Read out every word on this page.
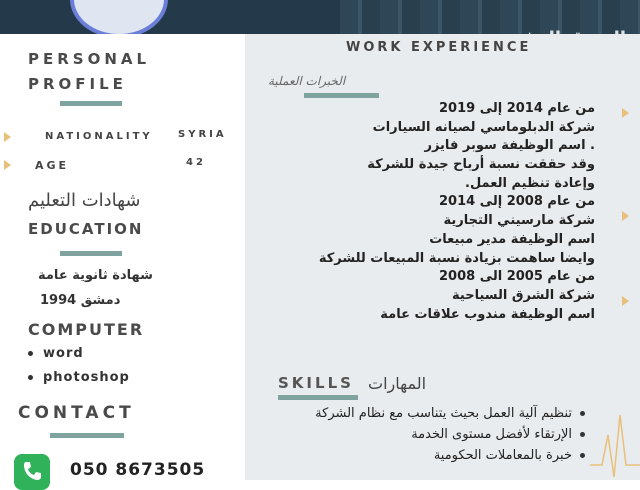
PERSONAL
PROFILE
NATIONALITY	SYRIA
AGE	42
شهادات التعليم
EDUCATION
شهادة ثانوية عامة
دمشق 1994
COMPUTER
word
photoshop
CONTACT
050 8673505
WORK EXPERIENCE
الخبرات العملية
من عام 2014 إلى 2019
شركة الدبلوماسي لصيانه السيارات
. اسم الوظيفة سوبر فايزر
وقد حققت نسبة أرباح جيدة للشركة
وإعادة تنظيم العمل.
من عام 2008 إلى 2014
شركة مارسيني التجارية
اسم الوظيفة مدير مبيعات
وايضا ساهمت بزيادة نسبة المبيعات للشركة
من عام 2005 الى 2008
شركة الشرق السياحية
اسم الوظيفة مندوب علاقات عامة
SKILLS المهارات
تنظيم آلية العمل بحيث يتناسب مع نظام الشركة
الإرتقاء لأفضل مستوى الخدمة
خبرة بالمعاملات الحكومية
